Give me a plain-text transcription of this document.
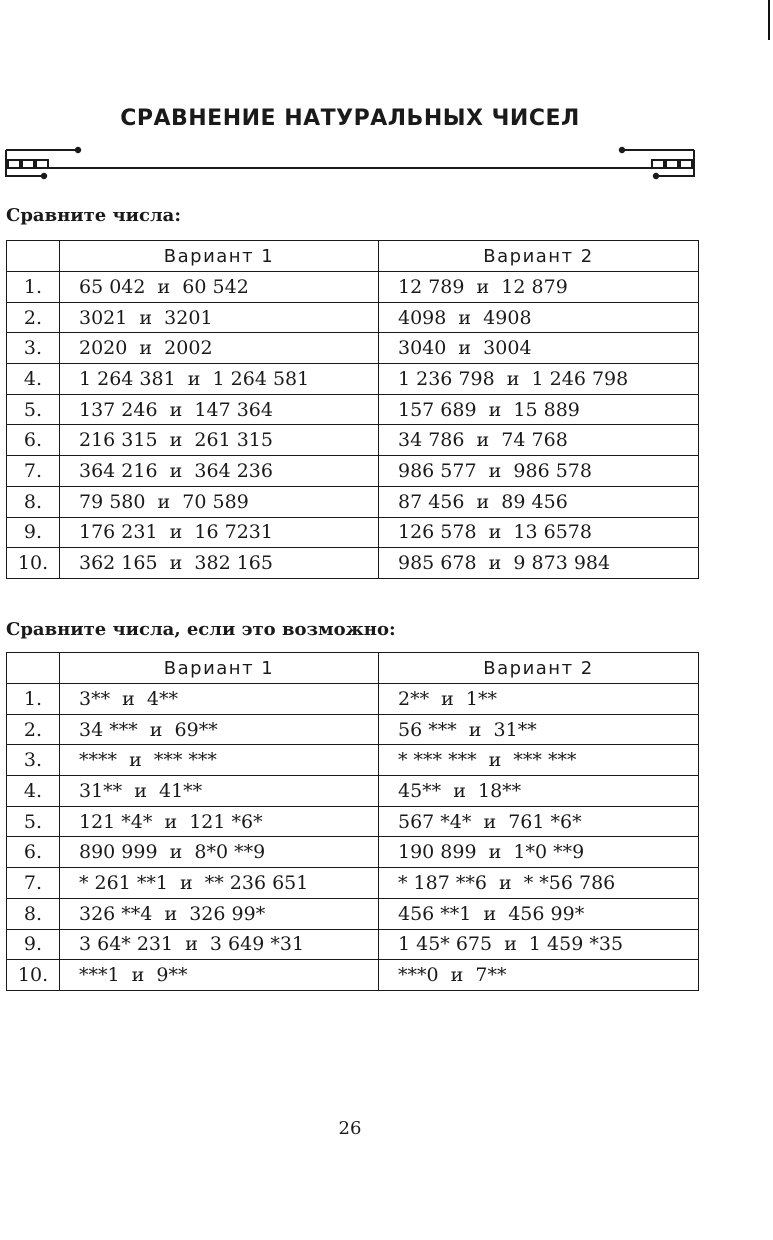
СРАВНЕНИЕ НАТУРАЛЬНЫХ ЧИСЕЛ
Сравните числа:
	Вариант 1	Вариант 2
1.	65 042  и  60 542	12 789  и  12 879
2.	3021  и  3201	4098  и  4908
3.	2020  и  2002	3040  и  3004
4.	1 264 381  и  1 264 581	1 236 798  и  1 246 798
5.	137 246  и  147 364	157 689  и  15 889
6.	216 315  и  261 315	34 786  и  74 768
7.	364 216  и  364 236	986 577  и  986 578
8.	79 580  и  70 589	87 456  и  89 456
9.	176 231  и  16 7231	126 578  и  13 6578
10.	362 165  и  382 165	985 678  и  9 873 984
Сравните числа, если это возможно:
	Вариант 1	Вариант 2
1.	3**  и  4**	2**  и  1**
2.	34 ***  и  69**	56 ***  и  31**
3.	****  и  *** ***	* *** ***  и  *** ***
4.	31**  и  41**	45**  и  18**
5.	121 *4*  и  121 *6*	567 *4*  и  761 *6*
6.	890 999  и  8*0 **9	190 899  и  1*0 **9
7.	* 261 **1  и  ** 236 651	* 187 **6  и  * *56 786
8.	326 **4  и  326 99*	456 **1  и  456 99*
9.	3 64* 231  и  3 649 *31	1 45* 675  и  1 459 *35
10.	***1  и  9**	***0  и  7**
26
